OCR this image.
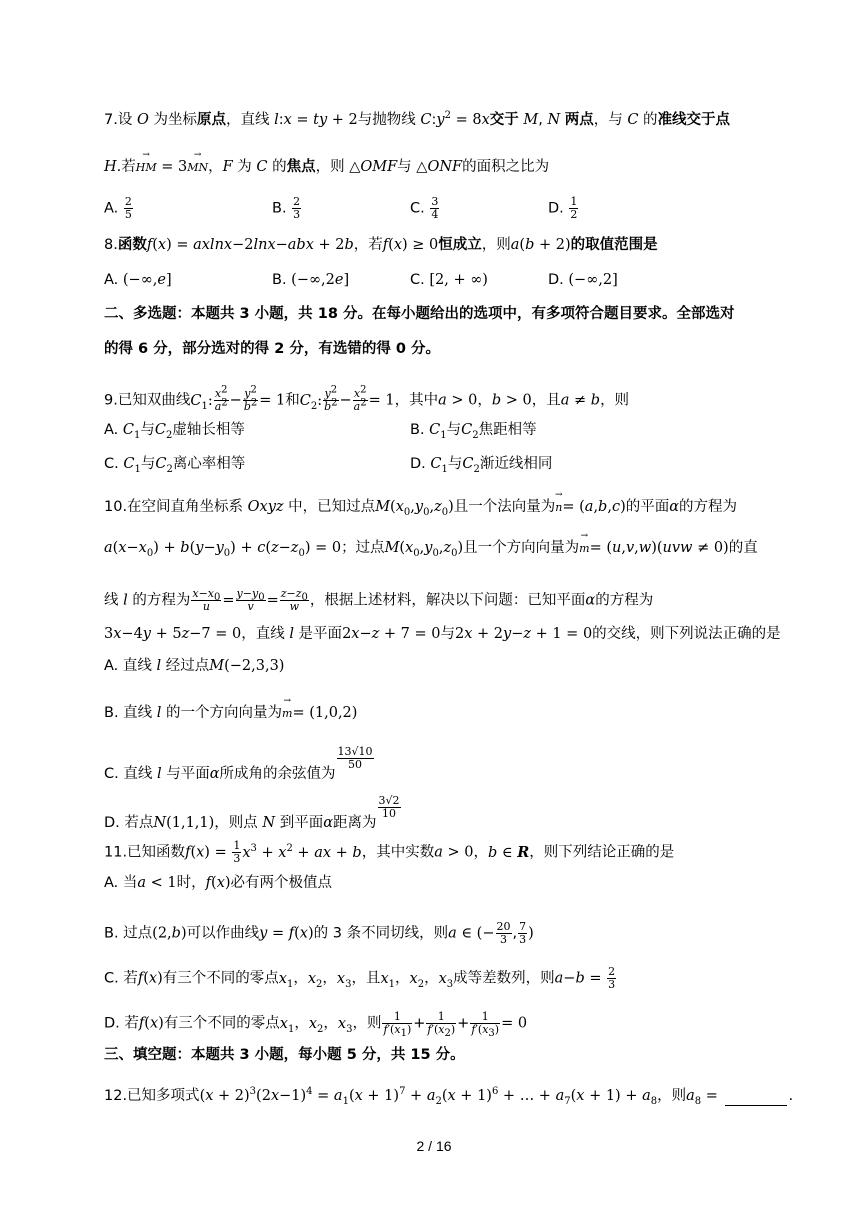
7.设 O 为坐标原点，直线 l:x = ty + 2与抛物线 $C:y^2 = 8x$交于 M, N 两点，与 C 的准线交于点
H.若→ HM = 3→ MN，F 为 C 的焦点，则 △OMF与 △ONF的面积之比为
A. $\frac{2}{5}$	B. $\frac{2}{3}$	C. $\frac{3}{4}$	D. $\frac{1}{2}$
8.函数f(x) = axlnx−2lnx−abx + 2b，若f(x) ≥ 0恒成立，则a(b + 2)的取值范围是
A. (−∞,e]	B. (−∞,2e]	C. [2, + ∞)	D. (−∞,2]
二、多选题：本题共 3 小题，共 18 分。在每小题给出的选项中，有多项符合题目要求。全部选对
的得 6 分，部分选对的得 2 分，有选错的得 0 分。
9.已知双曲线$C_1$: $\frac{x^2}{a^2} - \frac{y^2}{b^2} = 1$和$C_2$: $\frac{y^2}{b^2} - \frac{x^2}{a^2} = 1$，其中a > 0，b > 0，且a ≠ b，则
A. $C_1$与$C_2$虚轴长相等	B. $C_1$与$C_2$焦距相等
C. $C_1$与$C_2$离心率相等	D. $C_1$与$C_2$渐近线相同
10.在空间直角坐标系 Oxyz 中，已知过点$M(x_0,y_0,z_0)$且一个法向量为→ n= (a,b,c)的平面α的方程为
$a(x-x_0) + b(y-y_0) + c(z-z_0) = 0$；过点$M(x_0,y_0,z_0)$且一个方向向量为→ m= (u,v,w)(uvw ≠ 0)的直
线 l 的方程为 $\frac{x-x_0}{u} = \frac{y-y_0}{v} = \frac{z-z_0}{w}$ ，根据上述材料，解决以下问题：已知平面α的方程为
3x−4y + 5z−7 = 0，直线 l 是平面2x−z + 7 = 0与2x + 2y−z + 1 = 0的交线，则下列说法正确的是
A. 直线 l 经过点M(−2,3,3)
B. 直线 l 的一个方向向量为→ m= (1,0,2)
C. 直线 l 与平面α所成角的余弦值为
$\frac{13√10}{50}$
D. 若点N(1,1,1)，则点 N 到平面α距离为
$\frac{3√2}{10}$
11.已知函数$f(x) = \frac{1}{3} x^3 + x^2$ + ax + b，其中实数a > 0，b ∈ R，则下列结论正确的是
A. 当a < 1时，f(x)必有两个极值点
B. 过点(2,b)可以作曲线y = f(x)的 3 条不同切线，则a ∈ (− $\frac{20}{3}$ , $\frac{7}{3}$ )
C. 若f(x)有三个不同的零点$x_1$，$x_2$，$x_3$，且$x_1$，$x_2$，$x_3$成等差数列，则$a-b = \frac{2}{3}$
D. 若f(x)有三个不同的零点$x_1$，$x_2$，$x_3$，则 $\frac{1}{f'(x_1)} + \frac{1}{f'(x_2)} + \frac{1}{f'(x_3)} = 0$
三、填空题：本题共 3 小题，每小题 5 分，共 15 分。
12.已知多项式$(x + 2)^3(2x-1)^4 = a_1(x + 1)^7 + a_2(x + 1)^6$ + … + $a_7(x + 1) + a_8$，则$a_8$ =	.
2 / 16
